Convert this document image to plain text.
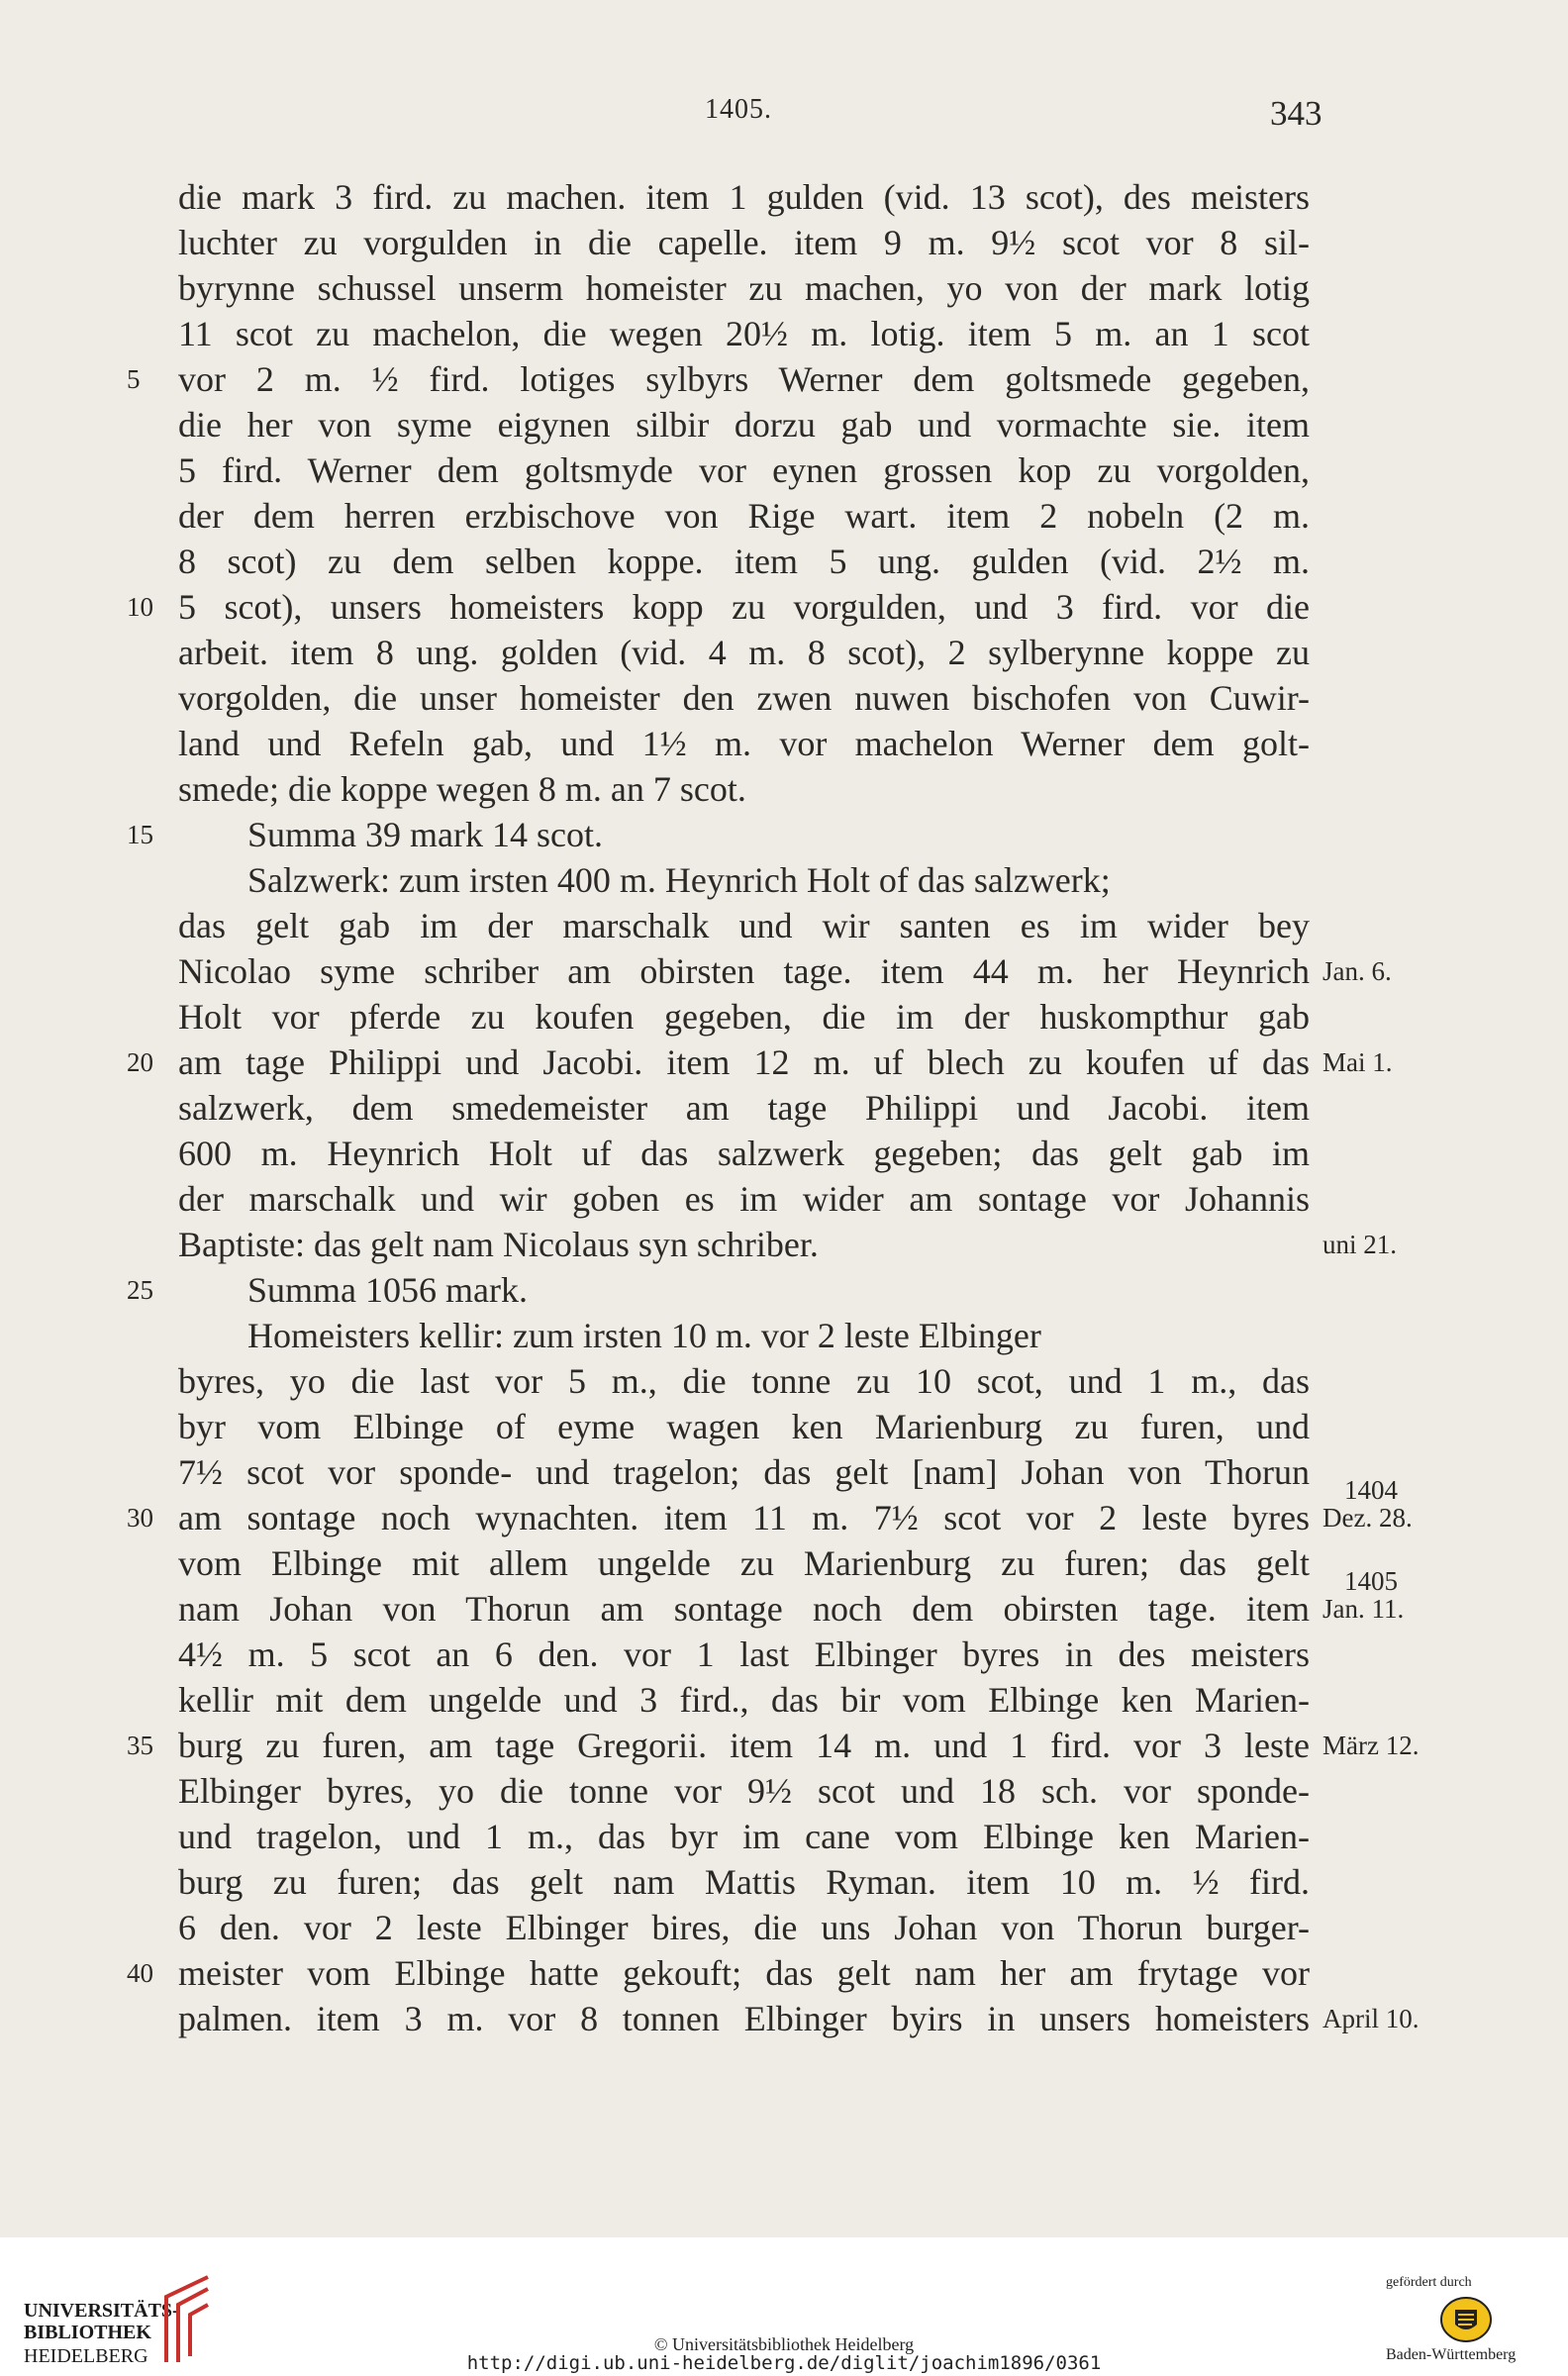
1405.	343
die mark 3 fird. zu machen. item 1 gulden (vid. 13 scot), des meisters
luchter zu vorgulden in die capelle. item 9 m. 9½ scot vor 8 sil-
byrynne schussel unserm homeister zu machen, yo von der mark lotig
11 scot zu machelon, die wegen 20½ m. lotig. item 5 m. an 1 scot
5	vor 2 m. ½ fird. lotiges sylbyrs Werner dem goltsmede gegeben,
die her von syme eigynen silbir dorzu gab und vormachte sie. item
5 fird. Werner dem goltsmyde vor eynen grossen kop zu vorgolden,
der dem herren erzbischove von Rige wart. item 2 nobeln (2 m.
8 scot) zu dem selben koppe. item 5 ung. gulden (vid. 2½ m.
10 5 scot), unsers homeisters kopp zu vorgulden, und 3 fird. vor die
arbeit. item 8 ung. golden (vid. 4 m. 8 scot), 2 sylberynne koppe zu
vorgolden, die unser homeister den zwen nuwen bischofen von Cuwir-
land und Refeln gab, und 1½ m. vor machelon Werner dem golt-
smede; die koppe wegen 8 m. an 7 scot.
15	Summa 39 mark 14 scot.
Salzwerk: zum irsten 400 m. Heynrich Holt of das salzwerk;
das gelt gab im der marschalk und wir santen es im wider bey
Nicolao syme schriber am obirsten tage. item 44 m. her Heynrich Jan. 6.
Holt vor pferde zu koufen gegeben, die im der huskompthur gab
20 am tage Philippi und Jacobi. item 12 m. uf blech zu koufen uf das Mai 1.
salzwerk, dem smedemeister am tage Philippi und Jacobi. item
600 m. Heynrich Holt uf das salzwerk gegeben; das gelt gab im
der marschalk und wir goben es im wider am sontage vor Johannis
Baptiste: das gelt nam Nicolaus syn schriber.	uni 21.
25	Summa 1056 mark.
Homeisters kellir: zum irsten 10 m. vor 2 leste Elbinger
byres, yo die last vor 5 m., die tonne zu 10 scot, und 1 m., das
byr vom Elbinge of eyme wagen ken Marienburg zu furen, und
7½ scot vor sponde- und tragelon; das gelt [nam] Johan von Thorun
30 am sontage noch wynachten. item 11 m. 7½ scot vor 2 leste byres Dez. 28.
1404
vom Elbinge mit allem ungelde zu Marienburg zu furen; das gelt
nam Johan von Thorun am sontage noch dem obirsten tage. item Jan. 11.
1405
4½ m. 5 scot an 6 den. vor 1 last Elbinger byres in des meisters
kellir mit dem ungelde und 3 fird., das bir vom Elbinge ken Marien-
35 burg zu furen, am tage Gregorii. item 14 m. und 1 fird. vor 3 leste März 12.
Elbinger byres, yo die tonne vor 9½ scot und 18 sch. vor sponde-
und tragelon, und 1 m., das byr im cane vom Elbinge ken Marien-
burg zu furen; das gelt nam Mattis Ryman. item 10 m. ½ fird.
6 den. vor 2 leste Elbinger bires, die uns Johan von Thorun burger-
40 meister vom Elbinge hatte gekouft; das gelt nam her am frytage vor
palmen. item 3 m. vor 8 tonnen Elbinger byirs in unsers homeisters April 10.
UNIVERSITÄTS-
BIBLIOTHEK
HEIDELBERG
© Universitätsbibliothek Heidelberg
http://digi.ub.uni-heidelberg.de/diglit/joachim1896/0361
gefördert durch
Baden-Württemberg
